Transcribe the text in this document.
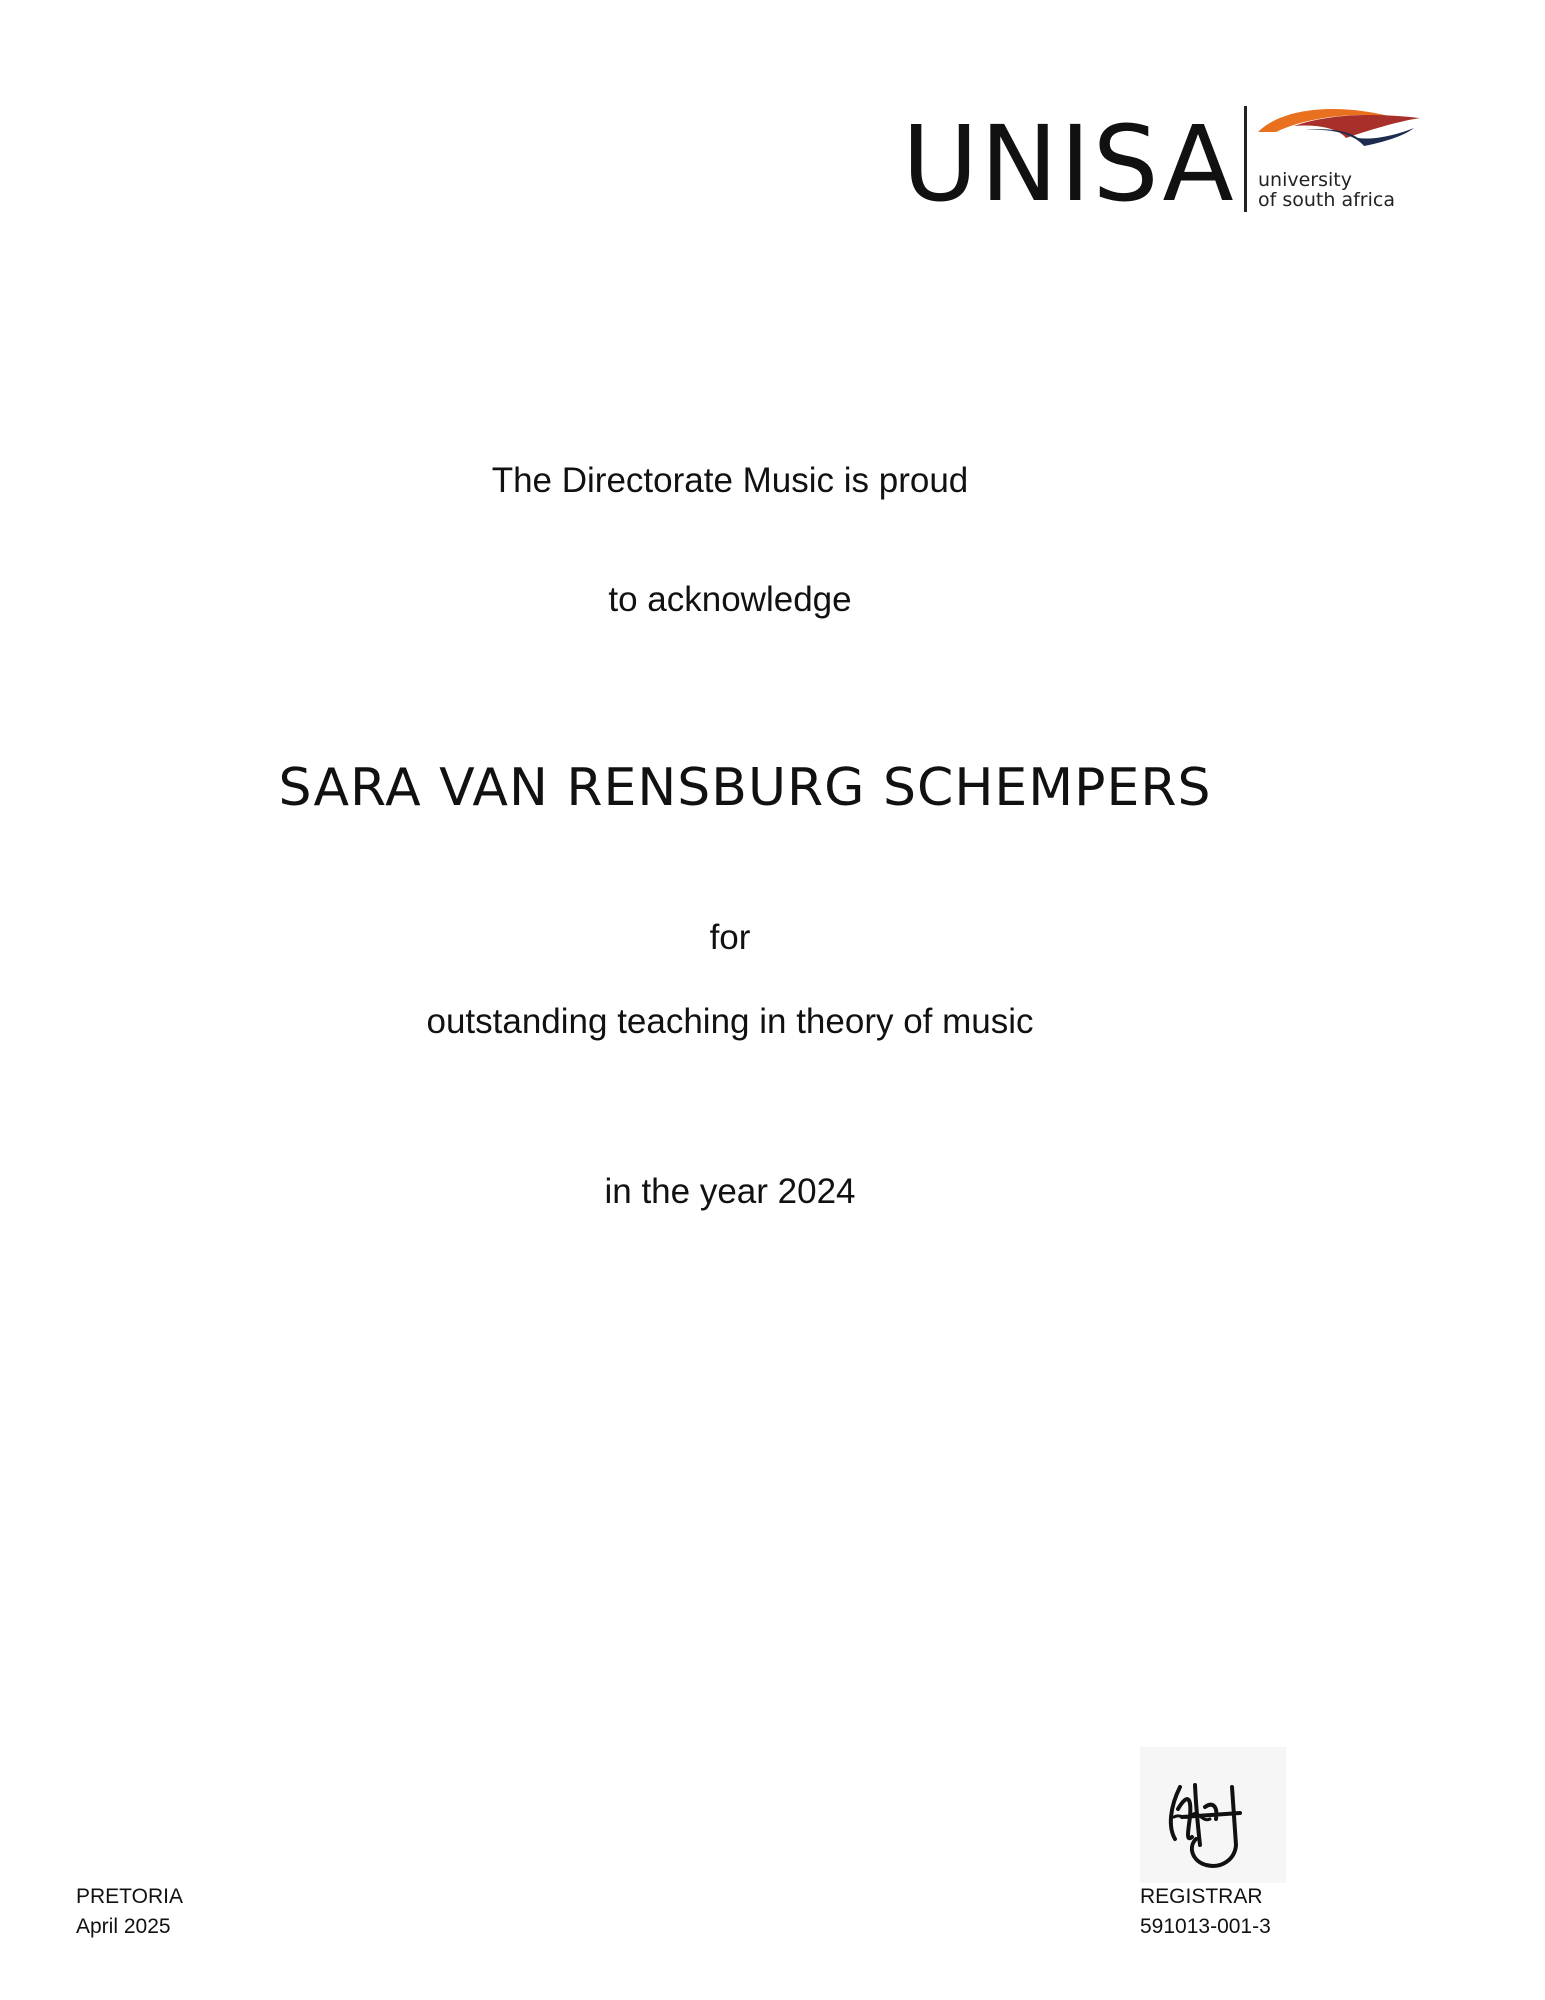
UNISA university
of south africa
The Directorate Music is proud
to acknowledge
SARA VAN RENSBURG SCHEMPERS
for
outstanding teaching in theory of music
in the year 2024
PRETORIA
April 2025
REGISTRAR
591013-001-3
